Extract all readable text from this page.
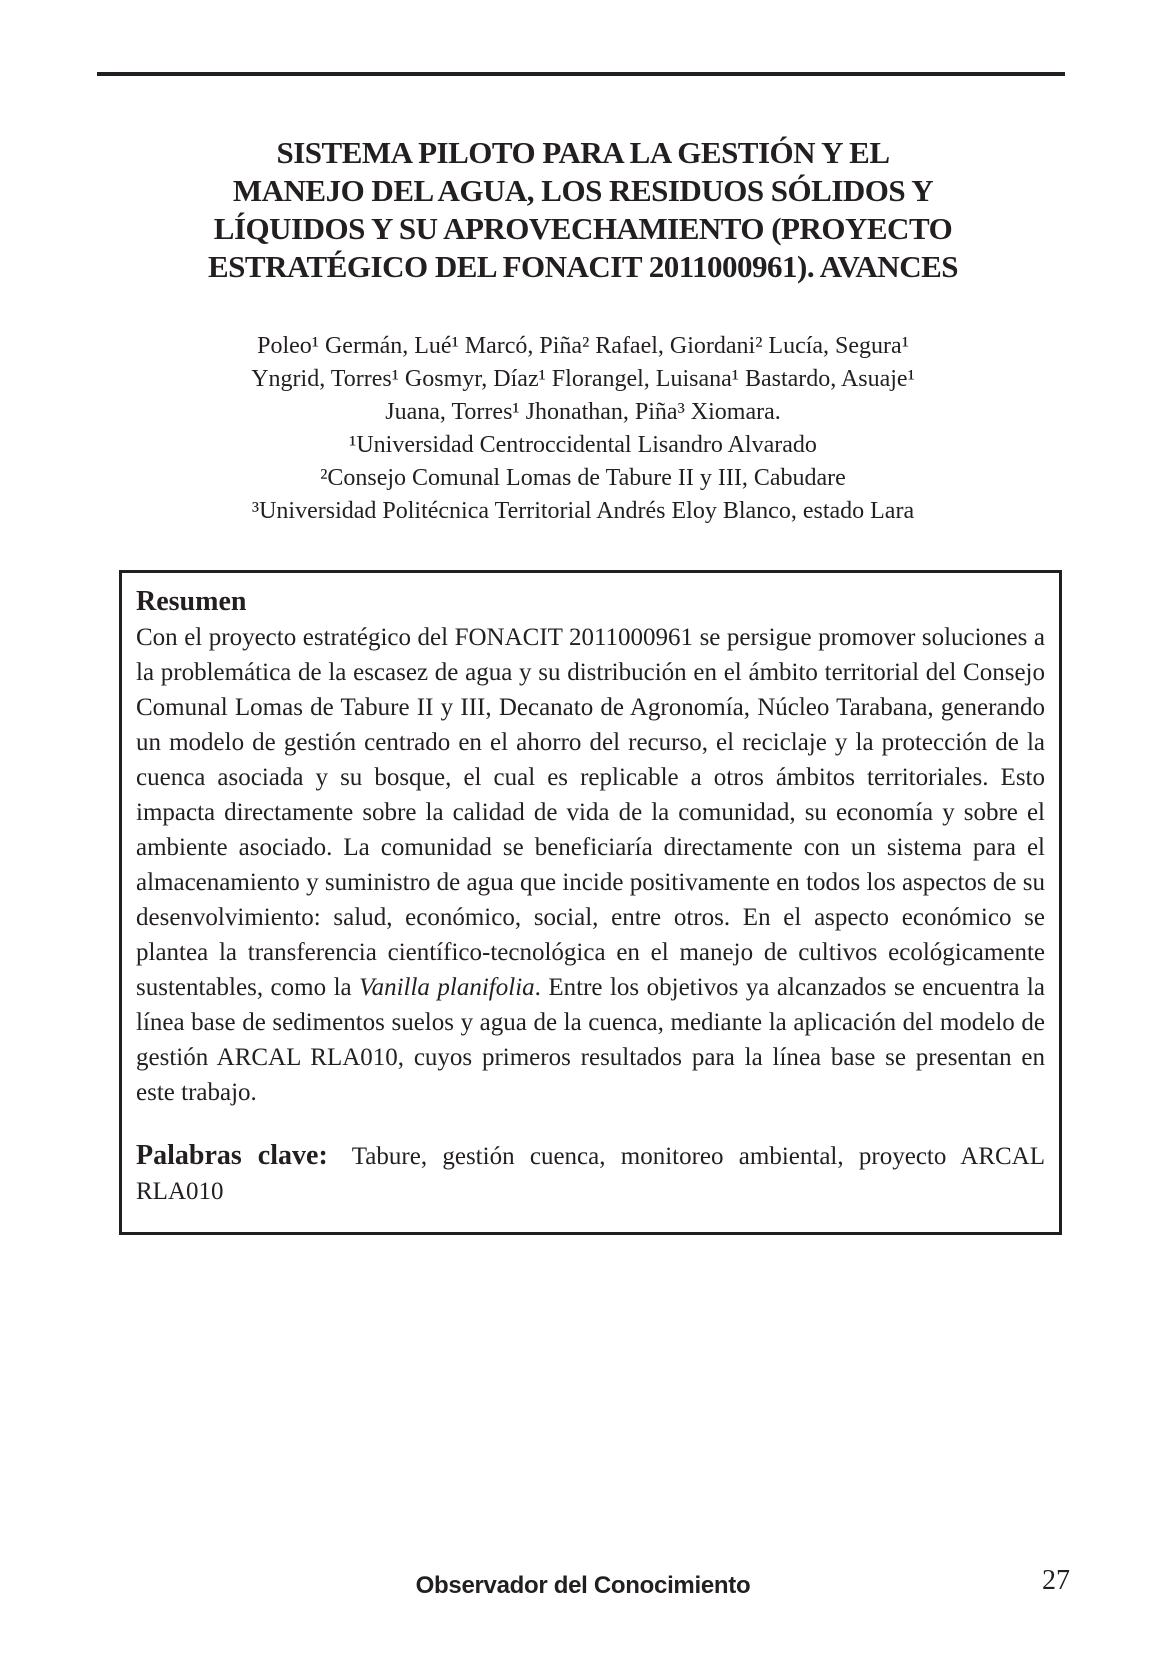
SISTEMA PILOTO PARA LA GESTIÓN Y EL
MANEJO DEL AGUA, LOS RESIDUOS SÓLIDOS Y
LÍQUIDOS Y SU APROVECHAMIENTO (PROYECTO
ESTRATÉGICO DEL FONACIT 2011000961). AVANCES
Poleo¹ Germán, Lué¹ Marcó, Piña² Rafael, Giordani² Lucía, Segura¹
Yngrid, Torres¹ Gosmyr, Díaz¹ Florangel, Luisana¹ Bastardo, Asuaje¹
Juana, Torres¹ Jhonathan, Piña³ Xiomara.
¹Universidad Centroccidental Lisandro Alvarado
²Consejo Comunal Lomas de Tabure II y III, Cabudare
³Universidad Politécnica Territorial Andrés Eloy Blanco, estado Lara
Resumen

Con el proyecto estratégico del FONACIT 2011000961 se persigue promover soluciones a la problemática de la escasez de agua y su distribución en el ámbito territorial del Consejo Comunal Lomas de Tabure II y III, Decanato de Agronomía, Núcleo Tarabana, generando un modelo de gestión centrado en el ahorro del recurso, el reciclaje y la protección de la cuenca asociada y su bosque, el cual es replicable a otros ámbitos territoriales. Esto impacta directamente sobre la calidad de vida de la comunidad, su economía y sobre el ambiente asociado. La comunidad se beneficiaría directamente con un sistema para el almacenamiento y suministro de agua que incide positivamente en todos los aspectos de su desenvolvimiento: salud, económico, social, entre otros. En el aspecto económico se plantea la transferencia científico-tecnológica en el manejo de cultivos ecológicamente sustentables, como la Vanilla planifolia. Entre los objetivos ya alcanzados se encuentra la línea base de sedimentos suelos y agua de la cuenca, mediante la aplicación del modelo de gestión ARCAL RLA010, cuyos primeros resultados para la línea base se presentan en este trabajo.

Palabras clave: Tabure, gestión cuenca, monitoreo ambiental, proyecto ARCAL RLA010

Observador del Conocimiento	27
